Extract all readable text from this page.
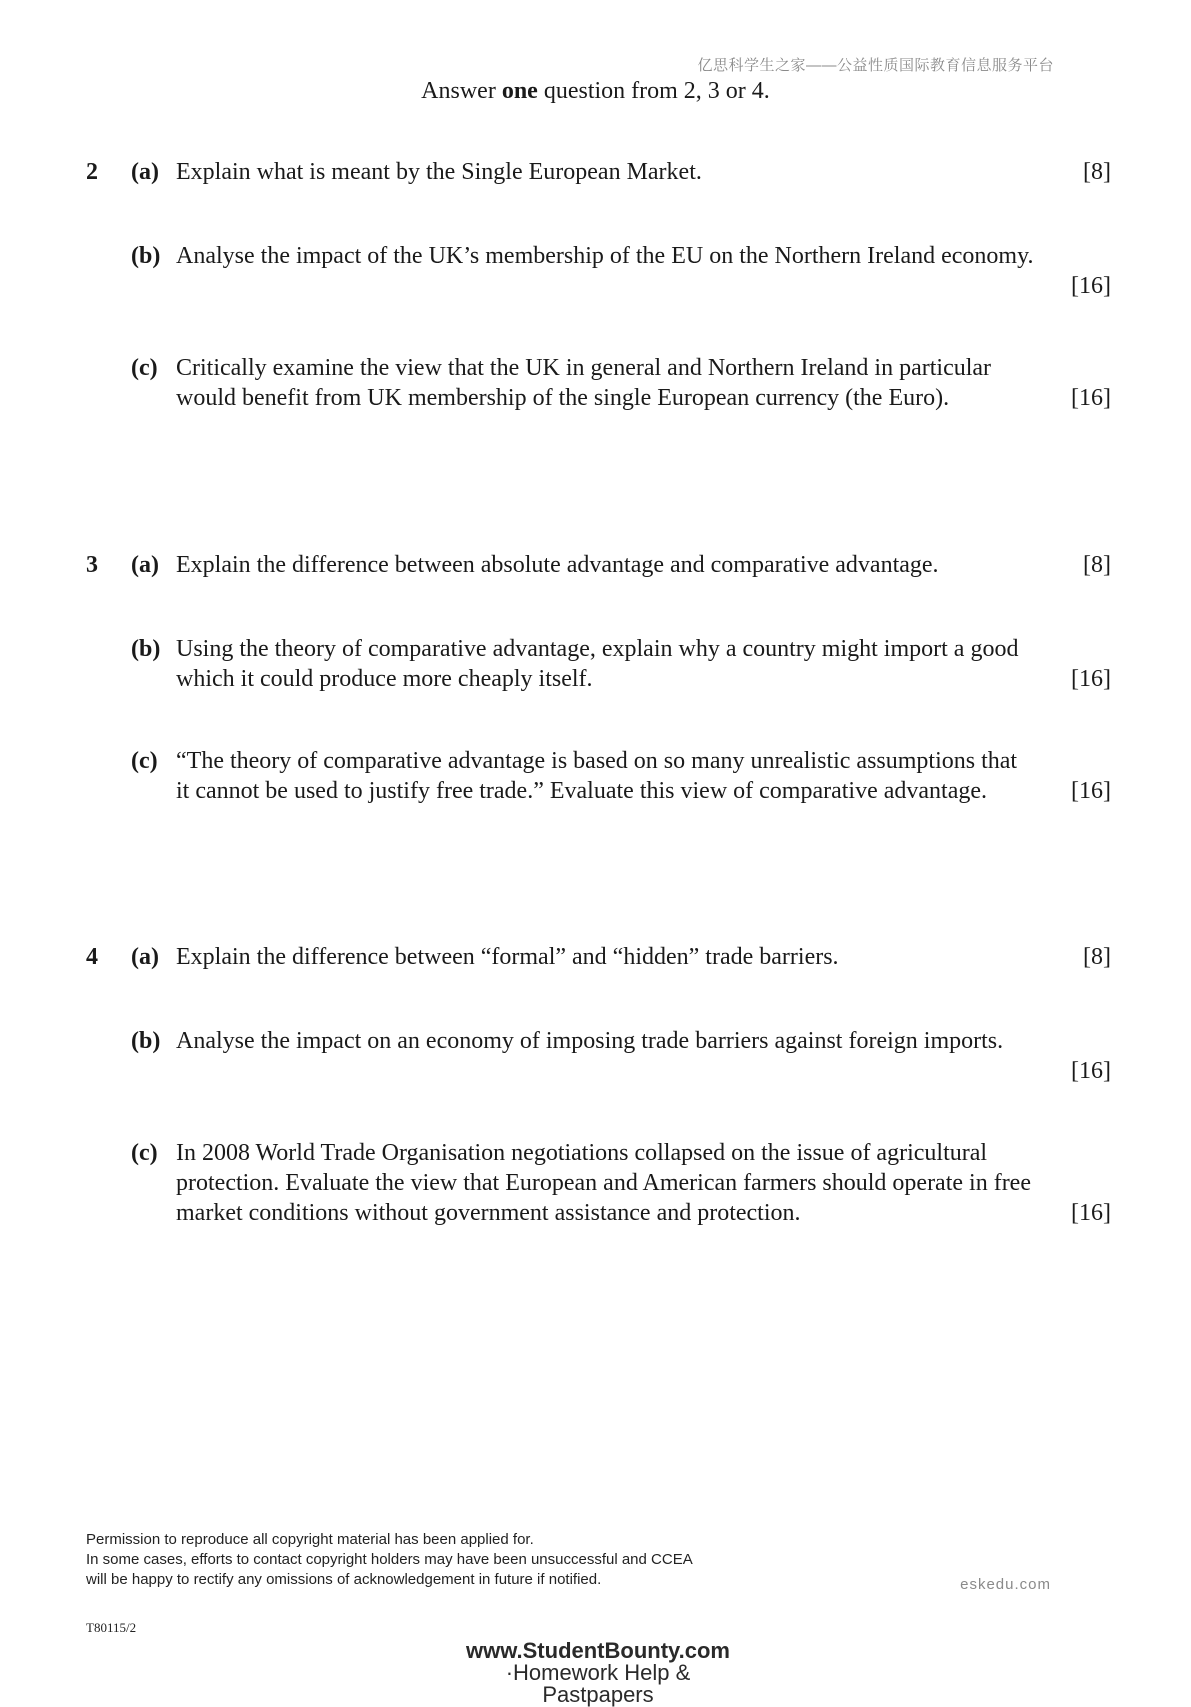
亿思科学生之家——公益性质国际教育信息服务平台
Answer one question from 2, 3 or 4.
2 (a) Explain what is meant by the Single European Market.	[8]
(b) Analyse the impact of the UK’s membership of the EU on the Northern Ireland economy.
[16]
(c) Critically examine the view that the UK in general and Northern Ireland in particular
would benefit from UK membership of the single European currency (the Euro).	[16]
3 (a) Explain the difference between absolute advantage and comparative advantage.	[8]
(b) Using the theory of comparative advantage, explain why a country might import a good
which it could produce more cheaply itself.	[16]
(c) “The theory of comparative advantage is based on so many unrealistic assumptions that
it cannot be used to justify free trade.” Evaluate this view of comparative advantage.	[16]
4 (a) Explain the difference between “formal” and “hidden” trade barriers.	[8]
(b) Analyse the impact on an economy of imposing trade barriers against foreign imports.
[16]
(c) In 2008 World Trade Organisation negotiations collapsed on the issue of agricultural
protection. Evaluate the view that European and American farmers should operate in free
market conditions without government assistance and protection.	[16]
Permission to reproduce all copyright material has been applied for.
In some cases, efforts to contact copyright holders may have been unsuccessful and CCEA
will be happy to rectify any omissions of acknowledgement in future if notified.	eskedu.com
T80115/2
www.StudentBounty.com
·Homework Help & Pastpapers
